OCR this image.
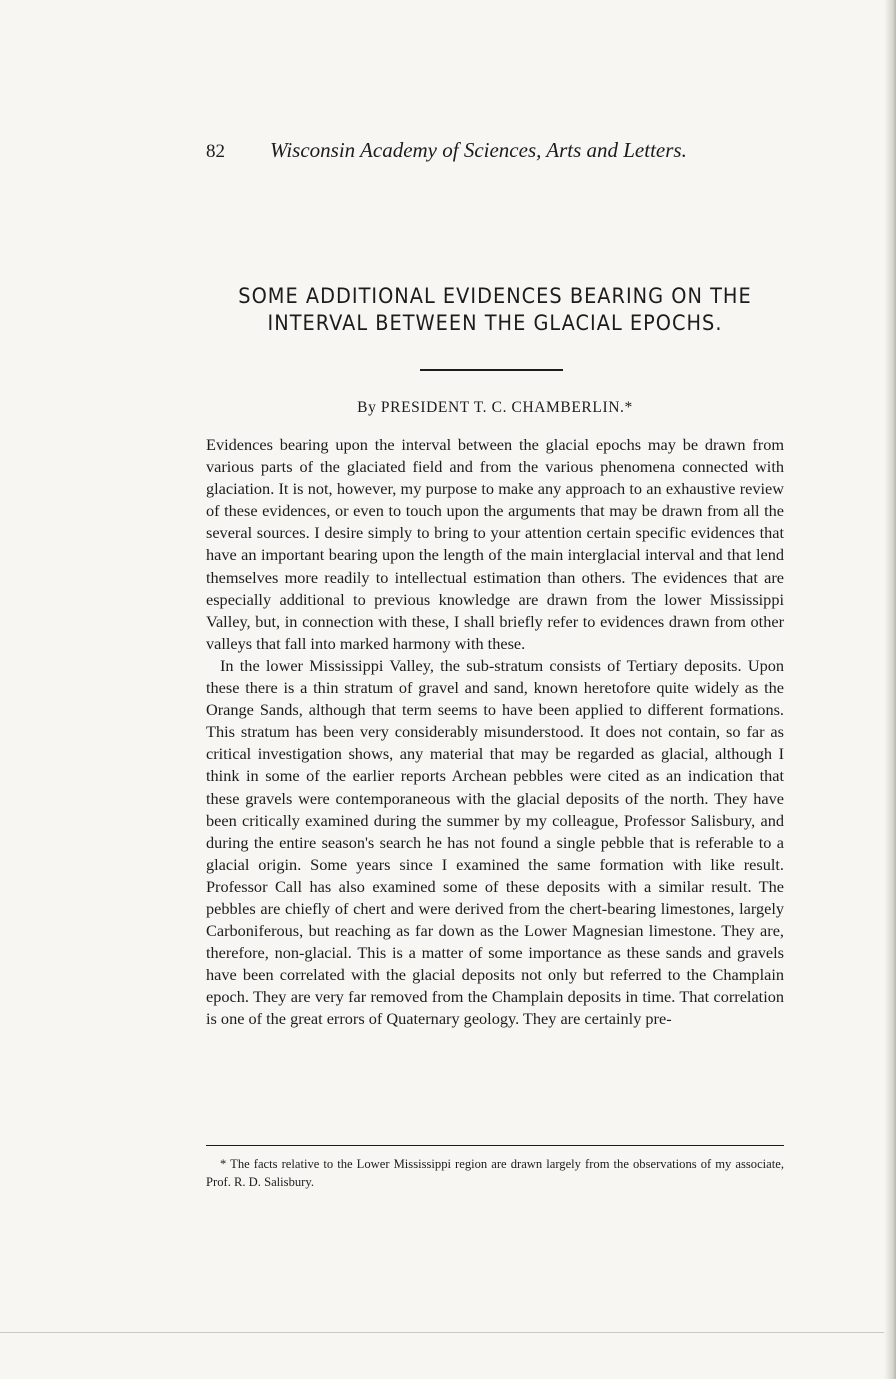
82	Wisconsin Academy of Sciences, Arts and Letters.
SOME ADDITIONAL EVIDENCES BEARING ON THE INTERVAL BETWEEN THE GLACIAL EPOCHS.

By PRESIDENT T. C. CHAMBERLIN.*

Evidences bearing upon the interval between the glacial epochs may be drawn from various parts of the glaciated field and from the various phenomena connected with glaciation. It is not, however, my purpose to make any approach to an exhaustive review of these evidences, or even to touch upon the arguments that may be drawn from all the several sources. I desire simply to bring to your attention certain specific evidences that have an important bearing upon the length of the main interglacial interval and that lend themselves more readily to intellectual estimation than others. The evidences that are especially additional to previous knowledge are drawn from the lower Mississippi Valley, but, in connection with these, I shall briefly refer to evidences drawn from other valleys that fall into marked harmony with these.

In the lower Mississippi Valley, the sub-stratum consists of Tertiary deposits. Upon these there is a thin stratum of gravel and sand, known heretofore quite widely as the Orange Sands, although that term seems to have been applied to different formations. This stratum has been very considerably misunderstood. It does not contain, so far as critical investigation shows, any material that may be regarded as glacial, although I think in some of the earlier reports Archean pebbles were cited as an indication that these gravels were contemporaneous with the glacial deposits of the north. They have been critically examined during the summer by my colleague, Professor Salisbury, and during the entire season's search he has not found a single pebble that is referable to a glacial origin. Some years since I examined the same formation with like result. Professor Call has also examined some of these deposits with a similar result. The pebbles are chiefly of chert and were derived from the chert-bearing limestones, largely Carboniferous, but reaching as far down as the Lower Magnesian limestone. They are, therefore, non-glacial. This is a matter of some importance as these sands and gravels have been correlated with the glacial deposits not only but referred to the Champlain epoch. They are very far removed from the Champlain deposits in time. That correlation is one of the great errors of Quaternary geology. They are certainly pre-

* The facts relative to the Lower Mississippi region are drawn largely from the observations of my associate, Prof. R. D. Salisbury.
